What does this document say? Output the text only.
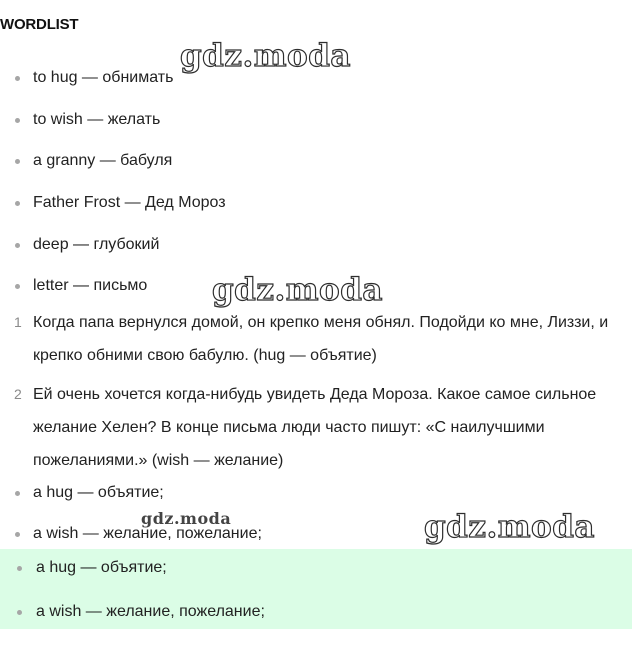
WORDLIST
to hug — обнимать
to wish — желать
a granny — бабуля
Father Frost — Дед Мороз
deep — глубокий
letter — письмо
1 Когда папа вернулся домой, он крепко меня обнял. Подойди ко мне, Лиззи, и крепко обними свою бабулю. (hug — объятие)
2 Ей очень хочется когда-нибудь увидеть Деда Мороза. Какое самое сильное желание Хелен? В конце письма люди часто пишут: «С наилучшими пожеланиями.» (wish — желание)
a hug — объятие;
a wish — желание, пожелание;
a hug — объятие;
a wish — желание, пожелание;
gdz.moda
gdz.moda
gdz.moda
gdz.moda
